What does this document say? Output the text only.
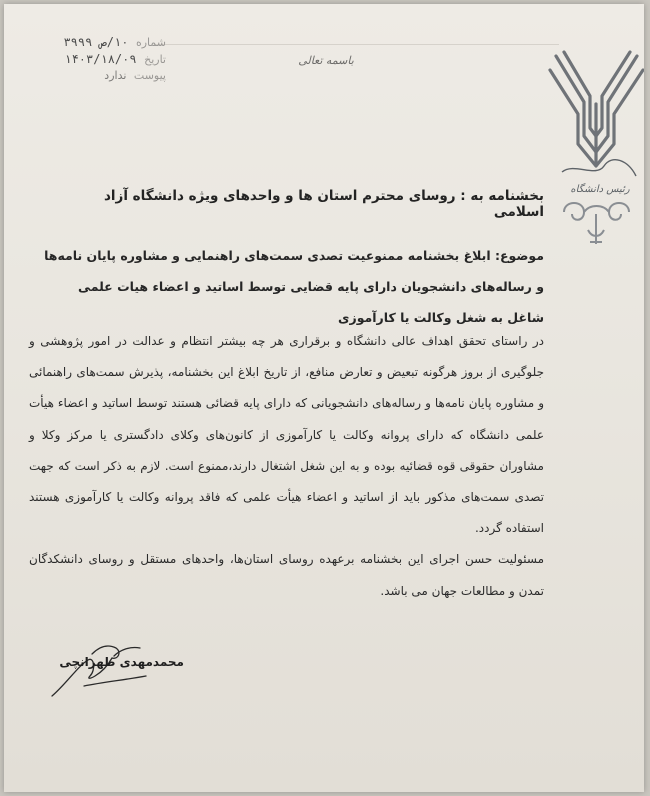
شماره ۱۰/ص ۳۹۹۹
تاریخ ۱۴۰۳/۱۸/۰۹
پیوست ندارد
باسمه تعالی
رئیس دانشگاه
بخشنامه به : روسای محترم استان ها و واحدهای ویژه دانشگاه آزاد اسلامی
موضوع: ابلاغ بخشنامه ممنوعیت تصدی سمت‌های راهنمایی و مشاوره پایان نامه‌ها و رساله‌های دانشجویان دارای پایه قضایی توسط اساتید و اعضاء هیات علمی شاغل به شغل وکالت یا کارآموزی

در راستای تحقق اهداف عالی دانشگاه و برقراری هر چه بیشتر انتظام و عدالت در امور پژوهشی و جلوگیری از بروز هرگونه تبعیض و تعارض منافع، از تاریخ ابلاغ این بخشنامه، پذیرش سمت‌های راهنمائی و مشاوره پایان نامه‌ها و رساله‌های دانشجویانی که دارای پایه قضائی هستند توسط اساتید و اعضاء هیأت علمی دانشگاه که دارای پروانه وکالت یا کارآموزی از کانون‌های وکلای دادگستری یا مرکز وکلا و مشاوران حقوقی قوه قضائیه بوده و به این شغل اشتغال دارند،ممنوع است. لازم به ذکر است که جهت تصدی سمت‌های مذکور باید از اساتید و اعضاء هیأت علمی که فاقد پروانه وکالت یا کارآموزی هستند استفاده گردد.

مسئولیت حسن اجرای این بخشنامه برعهده روسای استان‌ها، واحدهای مستقل و روسای دانشکدگان تمدن و مطالعات جهان می باشد.

محمدمهدی طهرانچی
